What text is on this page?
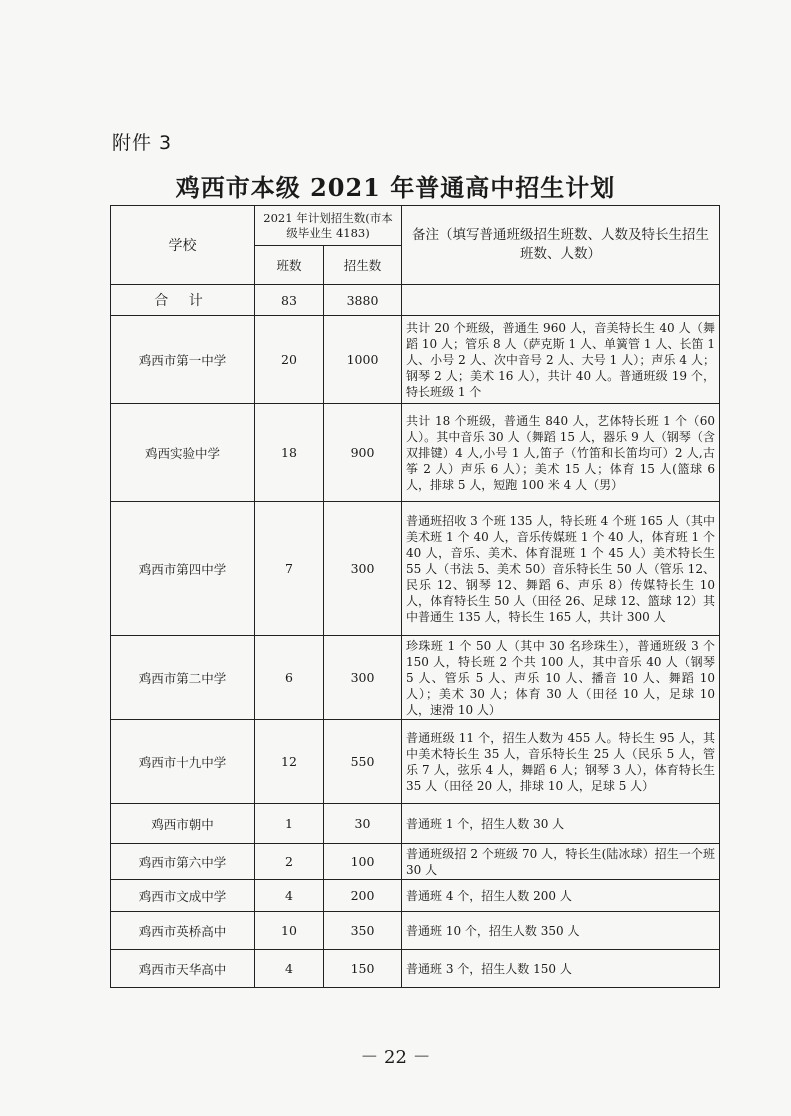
附件 3
鸡西市本级 2021 年普通高中招生计划
学校	2021 年计划招生数(市本级毕业生 4183)		备注（填写普通班级招生班数、人数及特长生招生班数、人数）
	班数	招生数	
合 计	83	3880	
鸡西市第一中学	20	1000	共计 20 个班级，普通生 960 人，音美特长生 40 人（舞蹈 10 人；管乐 8 人（萨克斯 1 人、单簧管 1 人、长笛 1 人、小号 2 人、次中音号 2 人、大号 1 人）；声乐 4 人；钢琴 2 人；美术 16 人），共计 40 人。普通班级 19 个，特长班级 1 个
鸡西实验中学	18	900	共计 18 个班级，普通生 840 人，艺体特长班 1 个（60 人）。其中音乐 30 人（舞蹈 15 人，器乐 9 人（钢琴（含双排键）4 人,小号 1 人,笛子（竹笛和长笛均可）2 人,古筝 2 人）声乐 6 人）；美术 15 人；体育 15 人(篮球 6 人，排球 5 人，短跑 100 米 4 人（男）
鸡西市第四中学	7	300	普通班招收 3 个班 135 人，特长班 4 个班 165 人（其中美术班 1 个 40 人，音乐传媒班 1 个 40 人，体育班 1 个 40 人，音乐、美术、体育混班 1 个 45 人）美术特长生 55 人（书法 5、美术 50）音乐特长生 50 人（管乐 12、民乐 12、钢琴 12、舞蹈 6、声乐 8）传媒特长生 10 人，体育特长生 50 人（田径 26、足球 12、篮球 12）其中普通生 135 人，特长生 165 人，共计 300 人
鸡西市第二中学	6	300	珍珠班 1 个 50 人（其中 30 名珍珠生），普通班级 3 个 150 人，特长班 2 个共 100 人，其中音乐 40 人（钢琴 5 人、管乐 5 人、声乐 10 人、播音 10 人、舞蹈 10 人）；美术 30 人；体育 30 人（田径 10 人，足球 10 人，速滑 10 人）
鸡西市十九中学	12	550	普通班级 11 个，招生人数为 455 人。特长生 95 人，其中美术特长生 35 人，音乐特长生 25 人（民乐 5 人，管乐 7 人，弦乐 4 人，舞蹈 6 人；钢琴 3 人），体育特长生 35 人（田径 20 人，排球 10 人，足球 5 人）
鸡西市朝中	1	30	普通班 1 个，招生人数 30 人
鸡西市第六中学	2	100	普通班级招 2 个班级 70 人，特长生(陆冰球）招生一个班 30 人
鸡西市文成中学	4	200	普通班 4 个，招生人数 200 人
鸡西市英桥高中	10	350	普通班 10 个，招生人数 350 人
鸡西市天华高中	4	150	普通班 3 个，招生人数 150 人
－ 22 －
